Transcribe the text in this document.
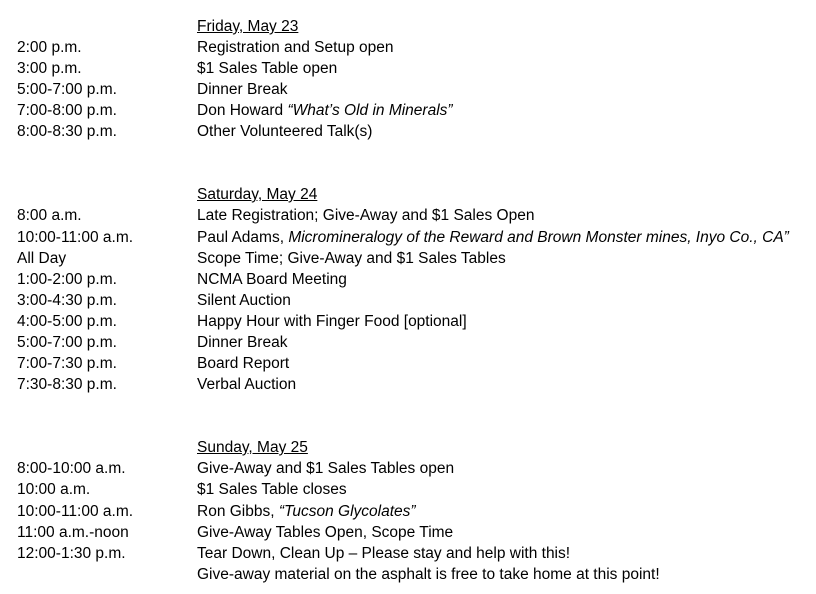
Friday, May 23
2:00 p.m.	Registration and Setup open
3:00 p.m.	$1 Sales Table open
5:00-7:00 p.m.	Dinner Break
7:00-8:00 p.m.	Don Howard “What’s Old in Minerals”
8:00-8:30 p.m.	Other Volunteered Talk(s)
Saturday, May 24
8:00 a.m.	Late Registration; Give-Away and $1 Sales Open
10:00-11:00 a.m.	Paul Adams, Micromineralogy of the Reward and Brown Monster mines, Inyo Co., CA”
All Day	Scope Time; Give-Away and $1 Sales Tables
1:00-2:00 p.m.	NCMA Board Meeting
3:00-4:30 p.m.	Silent Auction
4:00-5:00 p.m.	Happy Hour with Finger Food [optional]
5:00-7:00 p.m.	Dinner Break
7:00-7:30 p.m.	Board Report
7:30-8:30 p.m.	Verbal Auction
Sunday, May 25
8:00-10:00 a.m.	Give-Away and $1 Sales Tables open
10:00 a.m.	$1 Sales Table closes
10:00-11:00 a.m.	Ron Gibbs, “Tucson Glycolates”
11:00 a.m.-noon	Give-Away Tables Open, Scope Time
12:00-1:30 p.m.	Tear Down, Clean Up – Please stay and help with this!
Give-away material on the asphalt is free to take home at this point!
